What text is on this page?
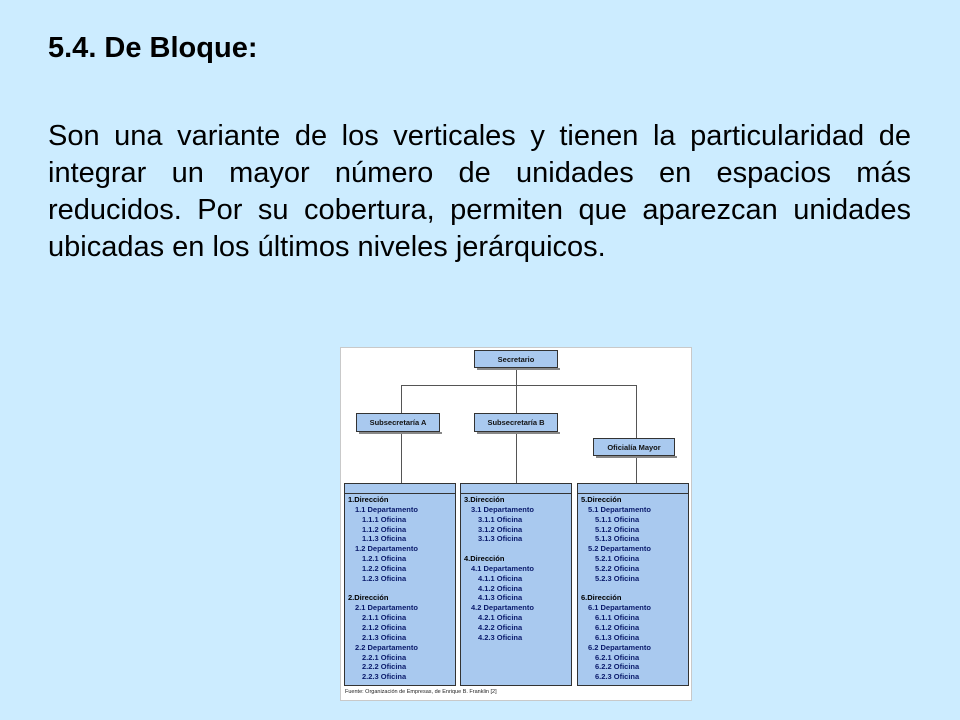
5.4. De Bloque:
Son una variante de los verticales y tienen la particularidad de integrar un mayor número de unidades en espacios más reducidos. Por su cobertura, permiten que aparezcan unidades ubicadas en los últimos niveles jerárquicos.
Secretario
Subsecretaría A	Subsecretaría B
Oficialía Mayor
1.Dirección
1.1 Departamento
1.1.1 Oficina
1.1.2 Oficina
1.1.3 Oficina
1.2 Departamento
1.2.1 Oficina
1.2.2 Oficina
1.2.3 Oficina

2.Dirección
2.1 Departamento
2.1.1 Oficina
2.1.2 Oficina
2.1.3 Oficina
2.2 Departamento
2.2.1 Oficina
2.2.2 Oficina
2.2.3 Oficina
3.Dirección
3.1 Departamento
3.1.1 Oficina
3.1.2 Oficina
3.1.3 Oficina

4.Dirección
4.1 Departamento
4.1.1 Oficina
4.1.2 Oficina
4.1.3 Oficina
4.2 Departamento
4.2.1 Oficina
4.2.2 Oficina
4.2.3 Oficina
5.Dirección
5.1 Departamento
5.1.1 Oficina
5.1.2 Oficina
5.1.3 Oficina
5.2 Departamento
5.2.1 Oficina
5.2.2 Oficina
5.2.3 Oficina

6.Dirección
6.1 Departamento
6.1.1 Oficina
6.1.2 Oficina
6.1.3 Oficina
6.2 Departamento
6.2.1 Oficina
6.2.2 Oficina
6.2.3 Oficina
Fuente: Organización de Empresas, de Enrique B. Franklin [2]
